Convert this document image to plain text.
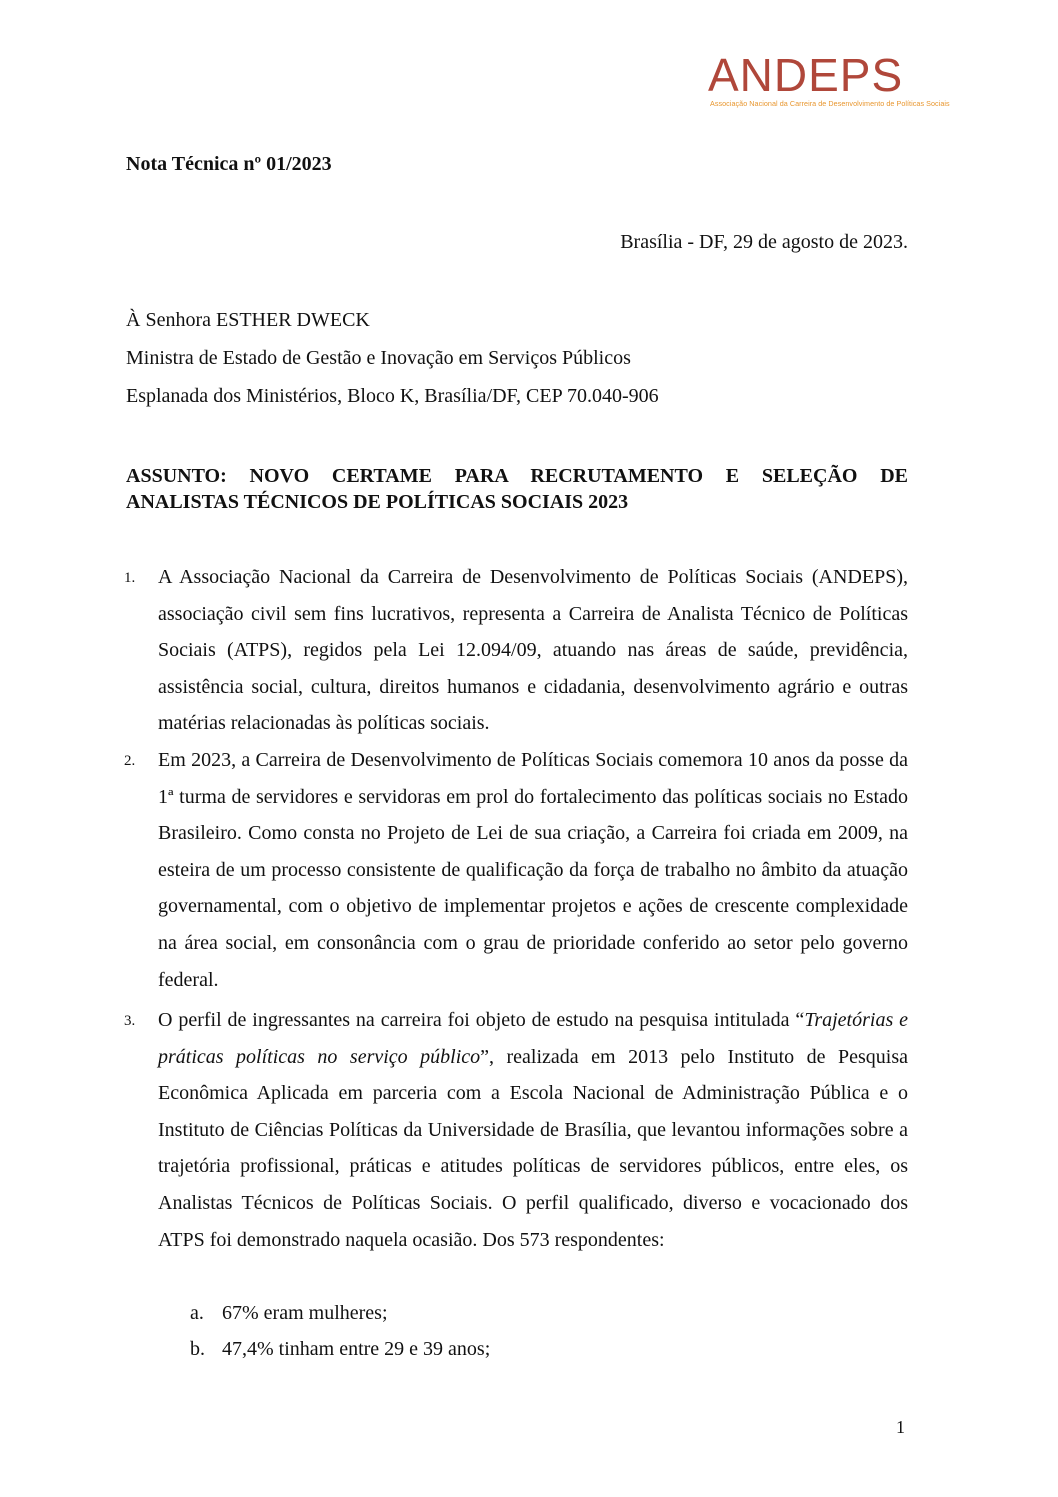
ANDEPS
Associação Nacional da Carreira de Desenvolvimento de Políticas Sociais
Nota Técnica nº 01/2023
Brasília - DF, 29 de agosto de 2023.
À Senhora ESTHER DWECK
Ministra de Estado de Gestão e Inovação em Serviços Públicos
Esplanada dos Ministérios, Bloco K, Brasília/DF, CEP 70.040-906
ASSUNTO: NOVO CERTAME PARA RECRUTAMENTO E SELEÇÃO DE
ANALISTAS TÉCNICOS DE POLÍTICAS SOCIAIS 2023
1. A Associação Nacional da Carreira de Desenvolvimento de Políticas Sociais (ANDEPS), associação civil sem fins lucrativos, representa a Carreira de Analista Técnico de Políticas Sociais (ATPS), regidos pela Lei 12.094/09, atuando nas áreas de saúde, previdência, assistência social, cultura, direitos humanos e cidadania, desenvolvimento agrário e outras matérias relacionadas às políticas sociais.
2. Em 2023, a Carreira de Desenvolvimento de Políticas Sociais comemora 10 anos da posse da 1ª turma de servidores e servidoras em prol do fortalecimento das políticas sociais no Estado Brasileiro. Como consta no Projeto de Lei de sua criação, a Carreira foi criada em 2009, na esteira de um processo consistente de qualificação da força de trabalho no âmbito da atuação governamental, com o objetivo de implementar projetos e ações de crescente complexidade na área social, em consonância com o grau de prioridade conferido ao setor pelo governo federal.
3. O perfil de ingressantes na carreira foi objeto de estudo na pesquisa intitulada “Trajetórias e práticas políticas no serviço público”, realizada em 2013 pelo Instituto de Pesquisa Econômica Aplicada em parceria com a Escola Nacional de Administração Pública e o Instituto de Ciências Políticas da Universidade de Brasília, que levantou informações sobre a trajetória profissional, práticas e atitudes políticas de servidores públicos, entre eles, os Analistas Técnicos de Políticas Sociais. O perfil qualificado, diverso e vocacionado dos ATPS foi demonstrado naquela ocasião. Dos 573 respondentes:
a. 67% eram mulheres;
b. 47,4% tinham entre 29 e 39 anos;
1
